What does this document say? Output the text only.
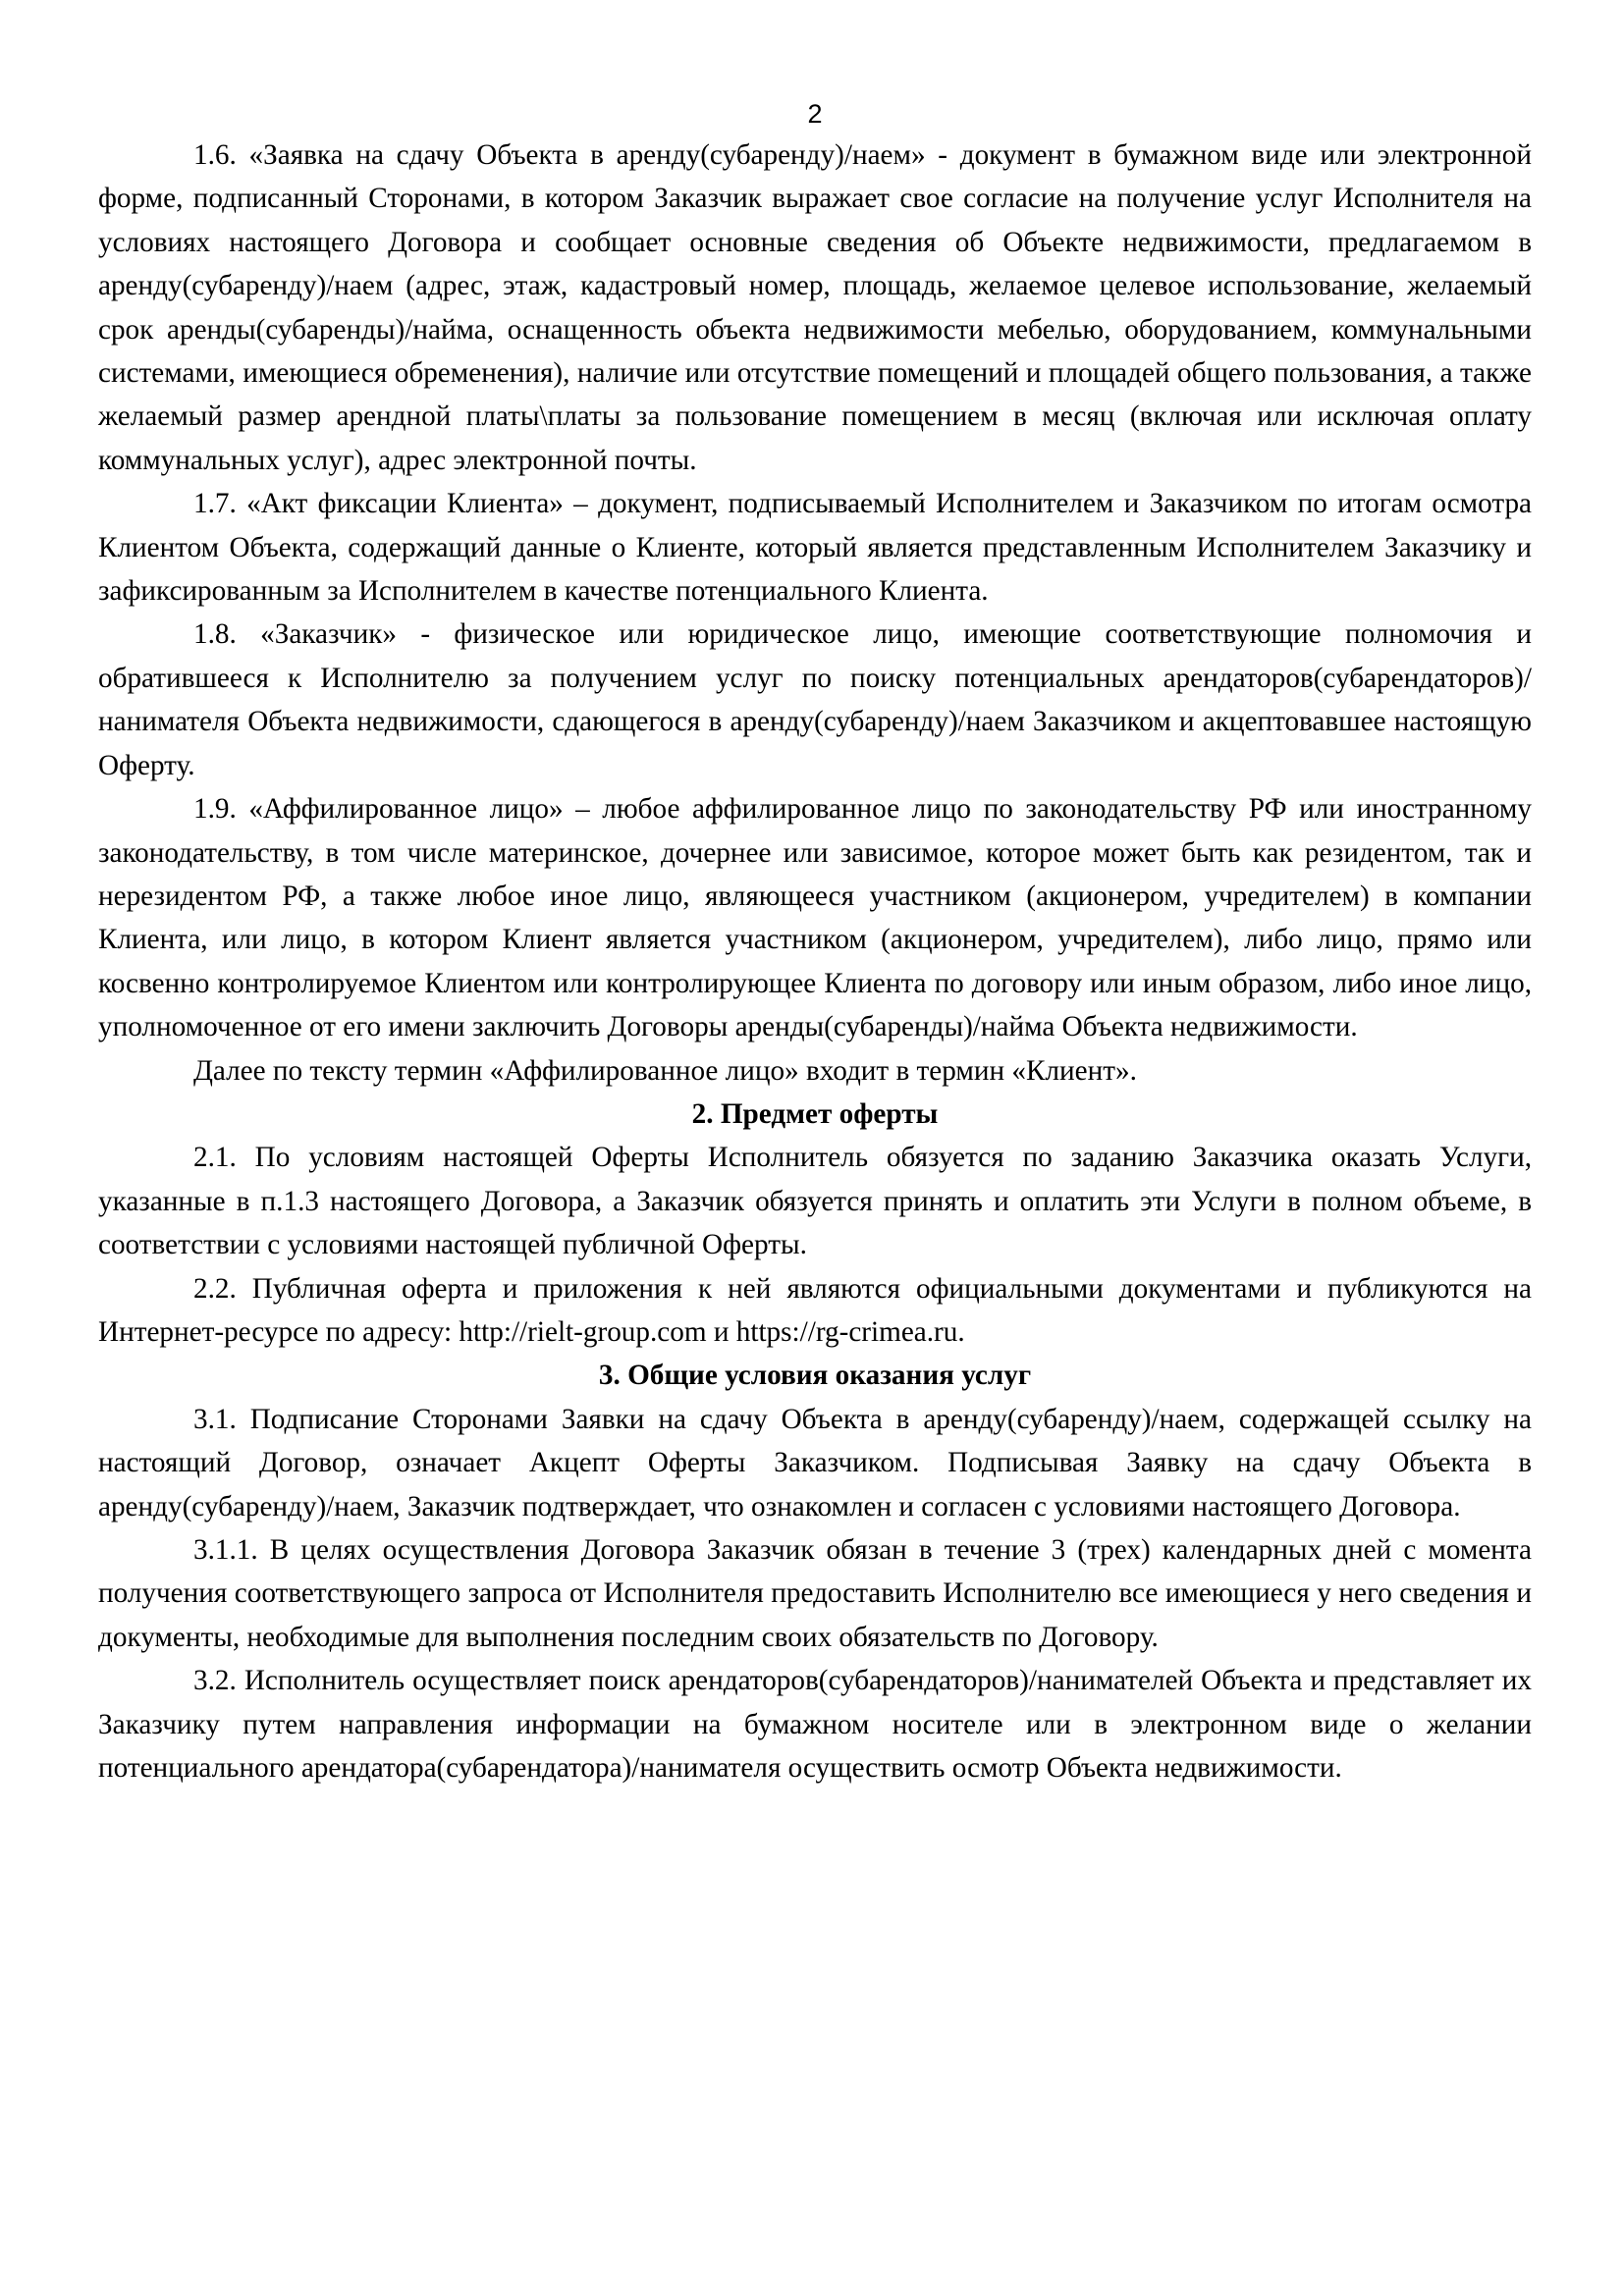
2

1.6. «Заявка на сдачу Объекта в аренду(субаренду)/наем» - документ в бумажном виде или электронной форме, подписанный Сторонами, в котором Заказчик выражает свое согласие на получение услуг Исполнителя на условиях настоящего Договора и сообщает основные сведения об Объекте недвижимости, предлагаемом в аренду(субаренду)/наем (адрес, этаж, кадастровый номер, площадь, желаемое целевое использование, желаемый срок аренды(субаренды)/найма, оснащенность объекта недвижимости мебелью, оборудованием, коммунальными системами, имеющиеся обременения), наличие или отсутствие помещений и площадей общего пользования, а также желаемый размер арендной платы\платы за пользование помещением в месяц (включая или исключая оплату коммунальных услуг), адрес электронной почты.

1.7. «Акт фиксации Клиента» – документ, подписываемый Исполнителем и Заказчиком по итогам осмотра Клиентом Объекта, содержащий данные о Клиенте, который является представленным Исполнителем Заказчику и зафиксированным за Исполнителем в качестве потенциального Клиента.

1.8. «Заказчик» - физическое или юридическое лицо, имеющие соответствующие полномочия и обратившееся к Исполнителю за получением услуг по поиску потенциальных арендаторов(субарендаторов)/нанимателя Объекта недвижимости, сдающегося в аренду(субаренду)/наем Заказчиком и акцептовавшее настоящую Оферту.

1.9. «Аффилированное лицо» – любое аффилированное лицо по законодательству РФ или иностранному законодательству, в том числе материнское, дочернее или зависимое, которое может быть как резидентом, так и нерезидентом РФ, а также любое иное лицо, являющееся участником (акционером, учредителем) в компании Клиента, или лицо, в котором Клиент является участником (акционером, учредителем), либо лицо, прямо или косвенно контролируемое Клиентом или контролирующее Клиента по договору или иным образом, либо иное лицо, уполномоченное от его имени заключить Договоры аренды(субаренды)/найма Объекта недвижимости.

Далее по тексту термин «Аффилированное лицо» входит в термин «Клиент».

2. Предмет оферты

2.1. По условиям настоящей Оферты Исполнитель обязуется по заданию Заказчика оказать Услуги, указанные в п.1.3 настоящего Договора, а Заказчик обязуется принять и оплатить эти Услуги в полном объеме, в соответствии с условиями настоящей публичной Оферты.

2.2. Публичная оферта и приложения к ней являются официальными документами и публикуются на Интернет-ресурсе по адресу: http://rielt-group.com и https://rg-crimea.ru.

3. Общие условия оказания услуг

3.1. Подписание Сторонами Заявки на сдачу Объекта в аренду(субаренду)/наем, содержащей ссылку на настоящий Договор, означает Акцепт Оферты Заказчиком. Подписывая Заявку на сдачу Объекта в аренду(субаренду)/наем, Заказчик подтверждает, что ознакомлен и согласен с условиями настоящего Договора.

3.1.1. В целях осуществления Договора Заказчик обязан в течение 3 (трех) календарных дней с момента получения соответствующего запроса от Исполнителя предоставить Исполнителю все имеющиеся у него сведения и документы, необходимые для выполнения последним своих обязательств по Договору.

3.2. Исполнитель осуществляет поиск арендаторов(субарендаторов)/нанимателей Объекта и представляет их Заказчику путем направления информации на бумажном носителе или в электронном виде о желании потенциального арендатора(субарендатора)/нанимателя осуществить осмотр Объекта недвижимости.
